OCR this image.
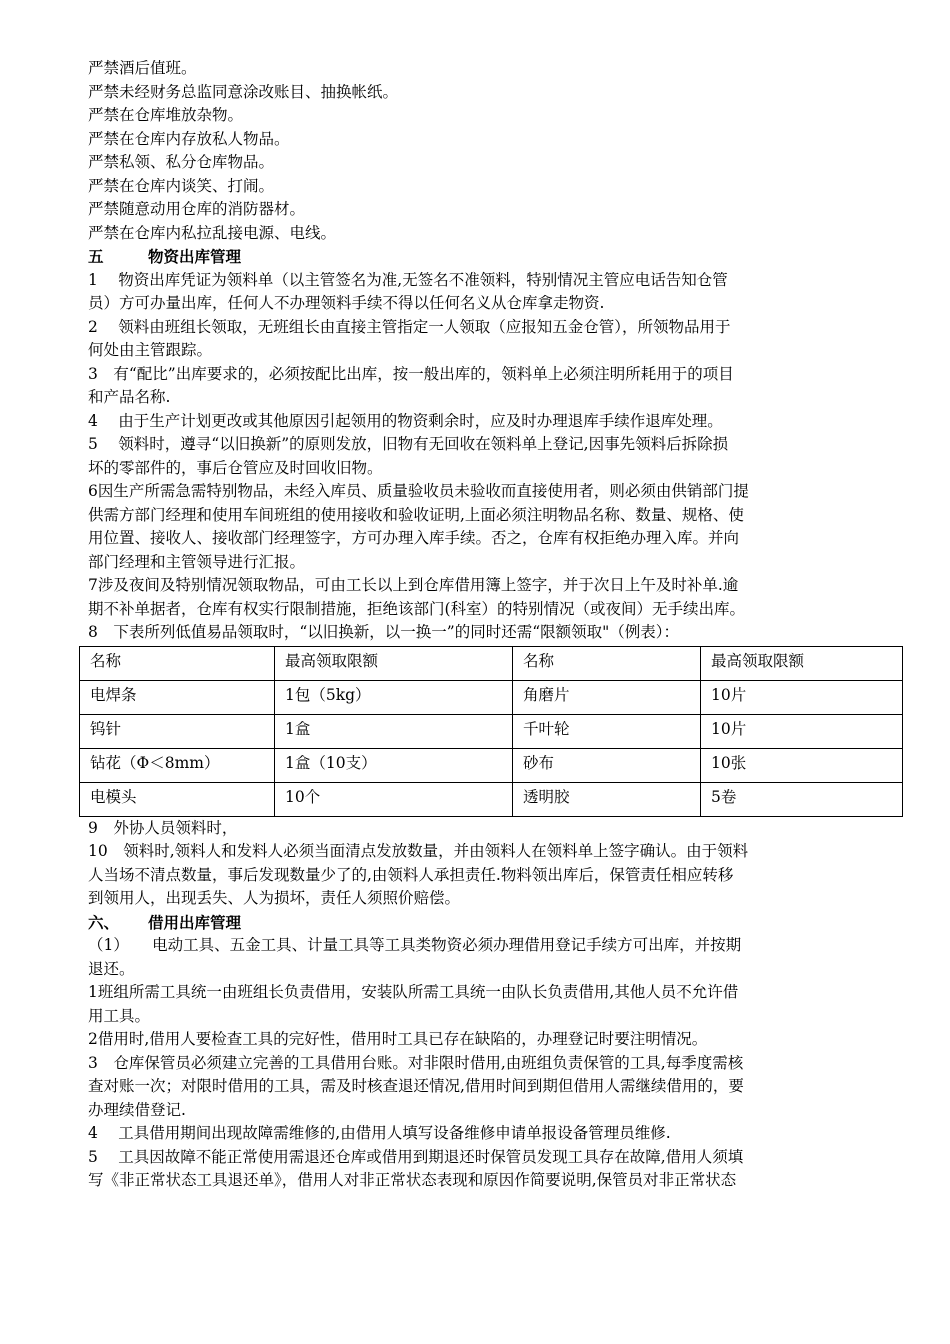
严禁酒后值班。
严禁未经财务总监同意涂改账目、抽换帐纸。
严禁在仓库堆放杂物。
严禁在仓库内存放私人物品。
严禁私领、私分仓库物品。
严禁在仓库内谈笑、打闹。
严禁随意动用仓库的消防器材。
严禁在仓库内私拉乱接电源、电线。
五	物资出库管理
1　 物资出库凭证为领料单（以主管签名为准,无签名不准领料，特别情况主管应电话告知仓管
员）方可办量出库，任何人不办理领料手续不得以任何名义从仓库拿走物资.
2　 领料由班组长领取，无班组长由直接主管指定一人领取（应报知五金仓管），所领物品用于
何处由主管跟踪。
3　有“配比”出库要求的，必须按配比出库，按一般出库的，领料单上必须注明所耗用于的项目
和产品名称.
4　 由于生产计划更改或其他原因引起领用的物资剩余时，应及时办理退库手续作退库处理。
5　 领料时，遵寻“以旧换新”的原则发放，旧物有无回收在领料单上登记,因事先领料后拆除损
坏的零部件的，事后仓管应及时回收旧物。
6因生产所需急需特别物品，未经入库员、质量验收员未验收而直接使用者，则必须由供销部门提
供需方部门经理和使用车间班组的使用接收和验收证明,上面必须注明物品名称、数量、规格、使
用位置、接收人、接收部门经理签字，方可办理入库手续。否之，仓库有权拒绝办理入库。并向
部门经理和主管领导进行汇报。
7涉及夜间及特别情况领取物品，可由工长以上到仓库借用簿上签字，并于次日上午及时补单.逾
期不补单据者，仓库有权实行限制措施，拒绝该部门(科室）的特别情况（或夜间）无手续出库。
8　下表所列低值易品领取时，“以旧换新，以一换一”的同时还需“限额领取"（例表）：
名称	最高领取限额	名称	最高领取限额
电焊条	1包（5kg）	角磨片	10片
钨针	1盒	千叶轮	10片
钻花（Φ＜8mm）	1盒（10支）	砂布	10张
电模头	10个	透明胶	5卷
9　外协人员领料时，
10　领料时,领料人和发料人必须当面清点发放数量，并由领料人在领料单上签字确认。由于领料
人当场不清点数量，事后发现数量少了的,由领料人承担责任.物料领出库后，保管责任相应转移
到领用人，出现丢失、人为损坏，责任人须照价赔偿。
六、 借用出库管理
（1）　　电动工具、五金工具、计量工具等工具类物资必须办理借用登记手续方可出库，并按期
退还。
1班组所需工具统一由班组长负责借用，安装队所需工具统一由队长负责借用,其他人员不允许借
用工具。
2借用时,借用人要检查工具的完好性，借用时工具已存在缺陷的，办理登记时要注明情况。
3　仓库保管员必须建立完善的工具借用台账。对非限时借用,由班组负责保管的工具,每季度需核
查对账一次；对限时借用的工具，需及时核查退还情况,借用时间到期但借用人需继续借用的，要
办理续借登记.
4　 工具借用期间出现故障需维修的,由借用人填写设备维修申请单报设备管理员维修.
5　 工具因故障不能正常使用需退还仓库或借用到期退还时保管员发现工具存在故障,借用人须填
写《非正常状态工具退还单》，借用人对非正常状态表现和原因作简要说明,保管员对非正常状态
